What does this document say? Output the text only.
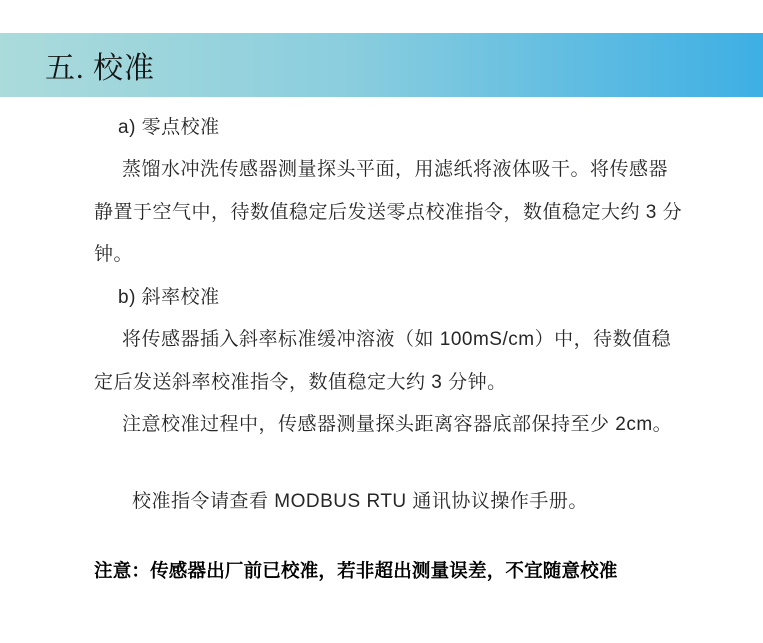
五. 校准
a) 零点校准
蒸馏水冲洗传感器测量探头平面，用滤纸将液体吸干。将传感器
静置于空气中，待数值稳定后发送零点校准指令，数值稳定大约 3 分
钟。
b) 斜率校准
将传感器插入斜率标准缓冲溶液（如 100mS/cm）中，待数值稳
定后发送斜率校准指令，数值稳定大约 3 分钟。
注意校准过程中，传感器测量探头距离容器底部保持至少 2cm。
校准指令请查看 MODBUS RTU 通讯协议操作手册。
注意：传感器出厂前已校准，若非超出测量误差，不宜随意校准
